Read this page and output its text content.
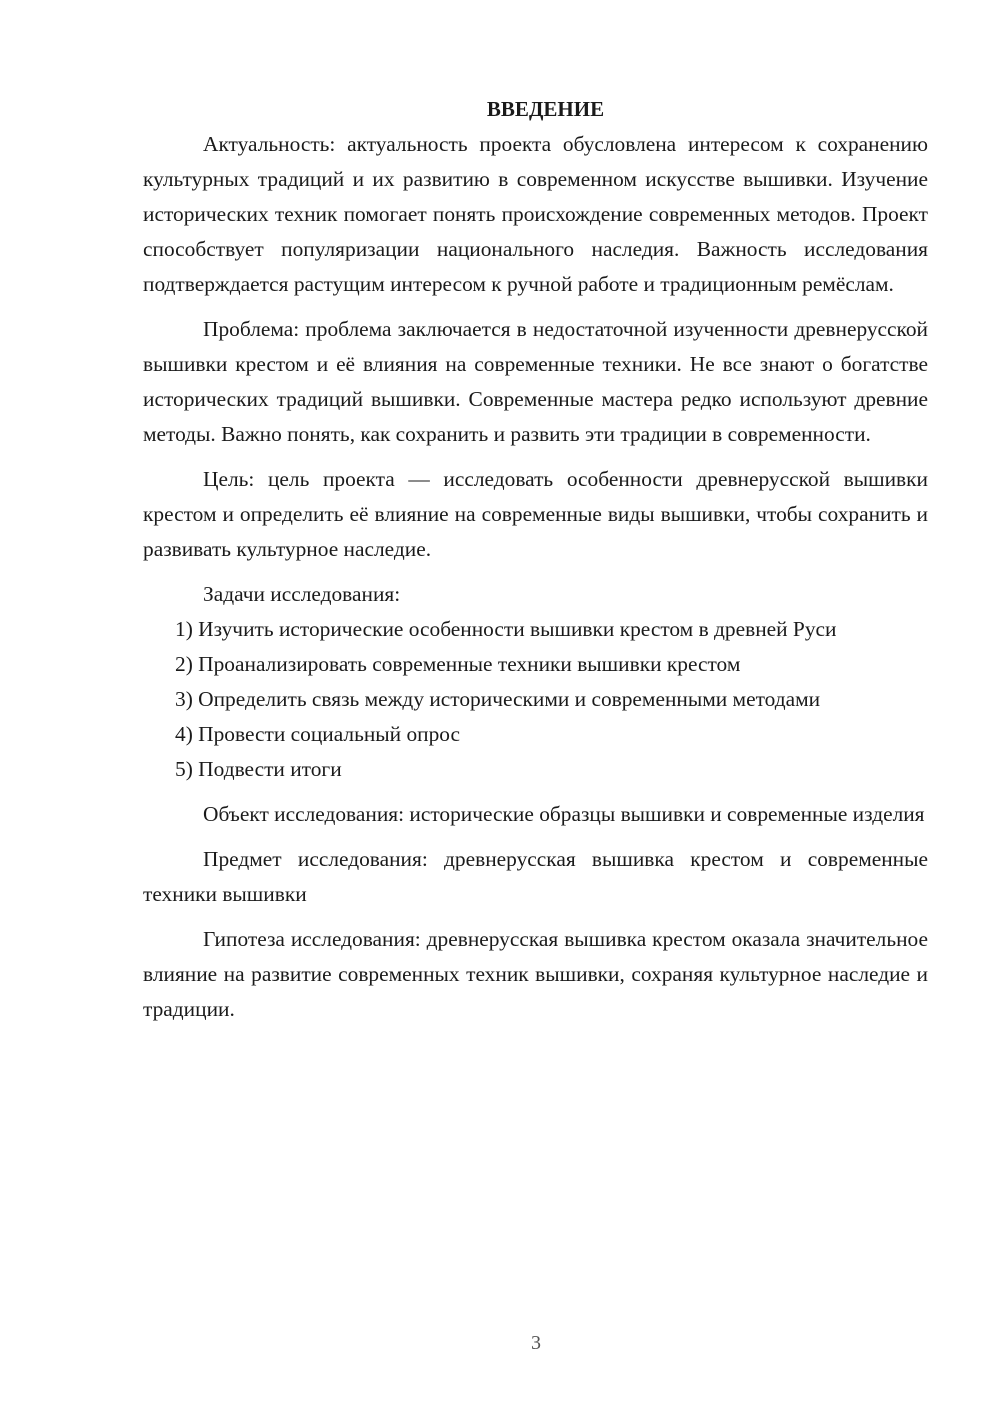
ВВЕДЕНИЕ

Актуальность: актуальность проекта обусловлена интересом к сохранению культурных традиций и их развитию в современном искусстве вышивки. Изучение исторических техник помогает понять происхождение современных методов. Проект способствует популяризации национального наследия. Важность исследования подтверждается растущим интересом к ручной работе и традиционным ремёслам.

Проблема: проблема заключается в недостаточной изученности древнерусской вышивки крестом и её влияния на современные техники. Не все знают о богатстве исторических традиций вышивки. Современные мастера редко используют древние методы. Важно понять, как сохранить и развить эти традиции в современности.

Цель: цель проекта — исследовать особенности древнерусской вышивки крестом и определить её влияние на современные виды вышивки, чтобы сохранить и развивать культурное наследие.

Задачи исследования:

1) Изучить исторические особенности вышивки крестом в древней Руси

2) Проанализировать современные техники вышивки крестом

3) Определить связь между историческими и современными методами

4) Провести социальный опрос

5) Подвести итоги

Объект исследования: исторические образцы вышивки и современные изделия

Предмет исследования: древнерусская вышивка крестом и современные техники вышивки

Гипотеза исследования: древнерусская вышивка крестом оказала значительное влияние на развитие современных техник вышивки, сохраняя культурное наследие и традиции.

3
